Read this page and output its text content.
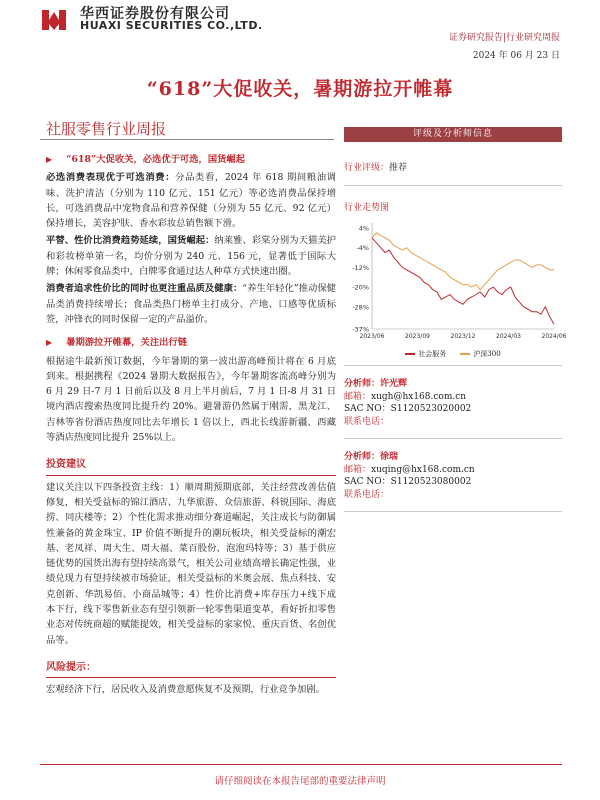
华西证券股份有限公司
HUAXI SECURITIES CO.,LTD.
证券研究报告|行业研究周报
2024 年 06 月 23 日
“618”大促收关，暑期游拉开帷幕
社服零售行业周报
▶ “618”大促收关，必选优于可选，国货崛起
必选消费表现优于可选消费：分品类看，2024 年 618 期间粮油调味、洗护清洁（分别为 110 亿元、151 亿元）等必选消费品保持增长，可选消费品中宠物食品和营养保健（分别为 55 亿元、92 亿元）保持增长，美容护肤、香水彩妆总销售额下滑。
平替、性价比消费趋势延续，国货崛起：纳莱雅、彩棠分别为天猫美护和彩妆榜单第一名，均价分别为 240 元、156 元，显著低于国际大牌；休闲零食品类中，白牌零食通过达人种草方式快速出圈。
消费者追求性价比的同时也更注重品质及健康：“养生年轻化”推动保健品类消费持续增长；食品类热门榜单主打成分、产地、口感等优质标签，冲锋衣的同时保留一定的产品溢价。
▶ 暑期游拉开帷幕，关注出行链
根据途牛最新预订数据，今年暑期的第一波出游高峰预计将在 6 月底到来。根据携程《2024 暑期大数据报告》，今年暑期客流高峰分别为 6 月 29 日-7 月 1 日前后以及 8 月上半月前后，7 月 1 日-8 月 31 日境内酒店搜索热度同比提升约 20%。避暑游仍然属于刚需，黑龙江、吉林等省份酒店热度同比去年增长 1 倍以上，西北长线游新疆、西藏等酒店热度同比提升 25%以上。
投资建议
建议关注以下四条投资主线：1）顺周期预期底部，关注经营改善估值修复，相关受益标的锦江酒店、九华旅游、众信旅游、科锐国际、海底捞、同庆楼等；2）个性化需求推动细分赛道崛起，关注成长与防御属性兼备的黄金珠宝、IP 价值不断提升的潮玩板块，相关受益标的潮宏基、老凤祥、周大生、周大福、菜百股份、泡泡玛特等；3）基于供应链优势的国货出海有望持续高景气，相关公司业绩高增长确定性强，业绩兑现力有望持续被市场验证，相关受益标的米奥会展、焦点科技、安克创新、华凯易佰、小商品城等；4）性价比消费+库存压力+线下成本下行，线下零售新业态有望引领新一轮零售渠道变革，看好折扣零售业态对传统商超的赋能提效，相关受益标的家家悦、重庆百货、名创优品等。
风险提示：
宏观经济下行，居民收入及消费意愿恢复不及预期，行业竞争加剧。
评级及分析师信息
行业评级：推荐
行业走势图
4%
-4%
-12%
-20%
-28%
-37%
2023/06	2023/09	2023/12	2024/03	2024/06
社会服务	沪深300
分析师：许光辉
邮箱：xugh@hx168.com.cn
SAC NO：S1120523020002
联系电话：
分析师：徐瑞
邮箱：xuqing@hx168.com.cn
SAC NO：S1120523080002
联系电话：
请仔细阅读在本报告尾部的重要法律声明
